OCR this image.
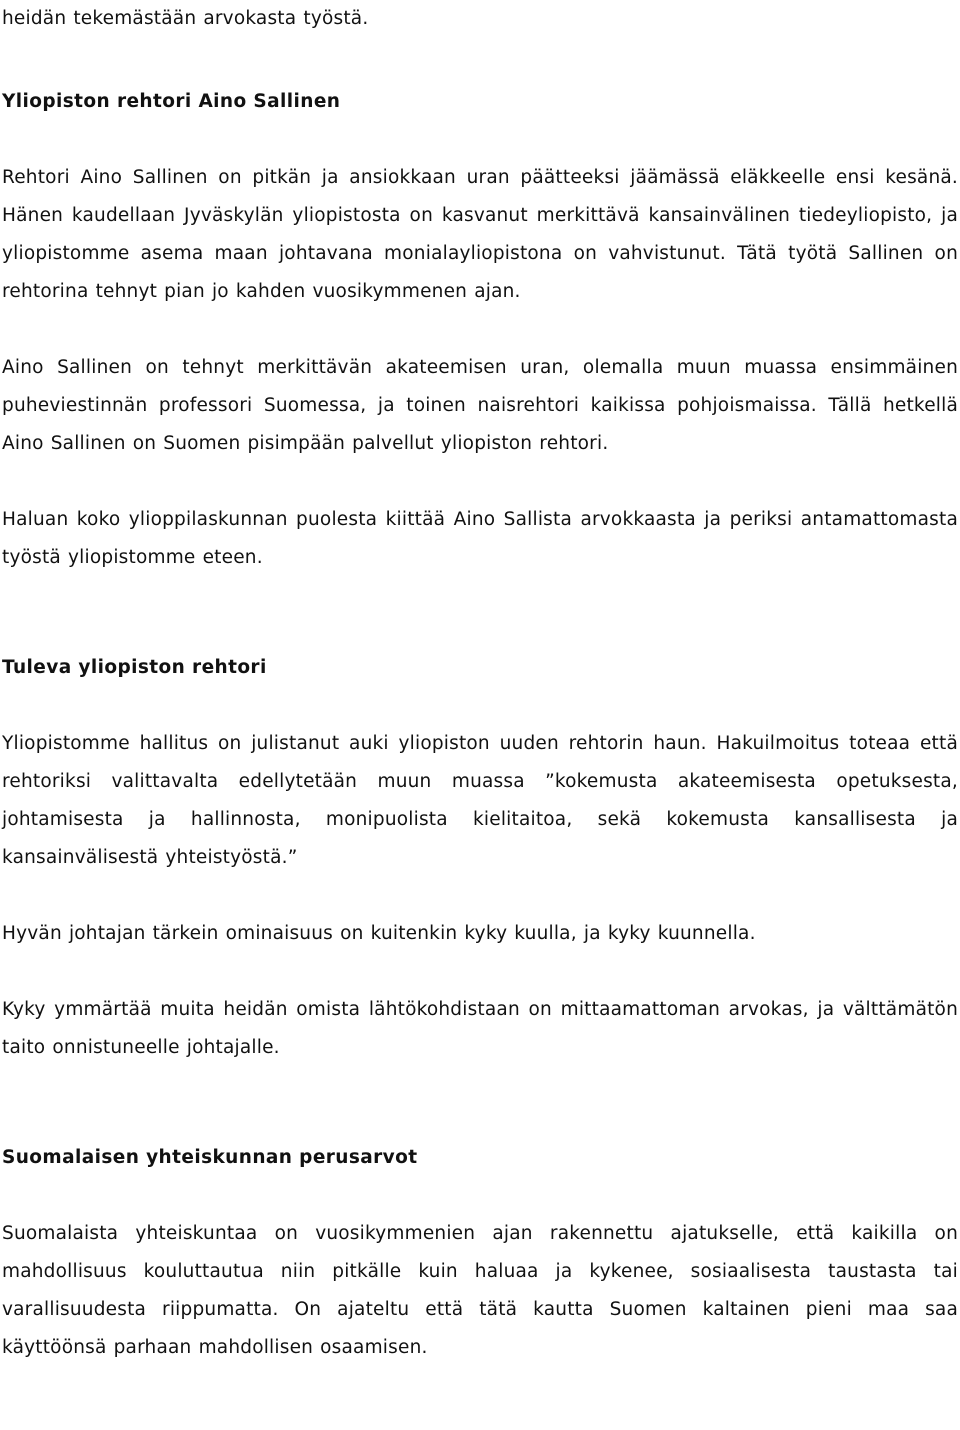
heidän tekemästään arvokasta työstä.

Yliopiston rehtori Aino Sallinen

Rehtori Aino Sallinen on pitkän ja ansiokkaan uran päätteeksi jäämässä eläkkeelle ensi kesänä. Hänen kaudellaan Jyväskylän yliopistosta on kasvanut merkittävä kansainvälinen tiedeyliopisto, ja yliopistomme asema maan johtavana monialayliopistona on vahvistunut. Tätä työtä Sallinen on rehtorina tehnyt pian jo kahden vuosikymmenen ajan.

Aino Sallinen on tehnyt merkittävän akateemisen uran, olemalla muun muassa ensimmäinen puheviestinnän professori Suomessa, ja toinen naisrehtori kaikissa pohjoismaissa. Tällä hetkellä Aino Sallinen on Suomen pisimpään palvellut yliopiston rehtori.

Haluan koko ylioppilaskunnan puolesta kiittää Aino Sallista arvokkaasta ja periksi antamattomasta työstä yliopistomme eteen.

Tuleva yliopiston rehtori

Yliopistomme hallitus on julistanut auki yliopiston uuden rehtorin haun. Hakuilmoitus toteaa että rehtoriksi valittavalta edellytetään muun muassa ”kokemusta akateemisesta opetuksesta, johtamisesta ja hallinnosta, monipuolista kielitaitoa, sekä kokemusta kansallisesta ja kansainvälisestä yhteistyöstä.”

Hyvän johtajan tärkein ominaisuus on kuitenkin kyky kuulla, ja kyky kuunnella.

Kyky ymmärtää muita heidän omista lähtökohdistaan on mittaamattoman arvokas, ja välttämätön taito onnistuneelle johtajalle.

Suomalaisen yhteiskunnan perusarvot

Suomalaista yhteiskuntaa on vuosikymmenien ajan rakennettu ajatukselle, että kaikilla on mahdollisuus kouluttautua niin pitkälle kuin haluaa ja kykenee, sosiaalisesta taustasta tai varallisuudesta riippumatta. On ajateltu että tätä kautta Suomen kaltainen pieni maa saa käyttöönsä parhaan mahdollisen osaamisen.
